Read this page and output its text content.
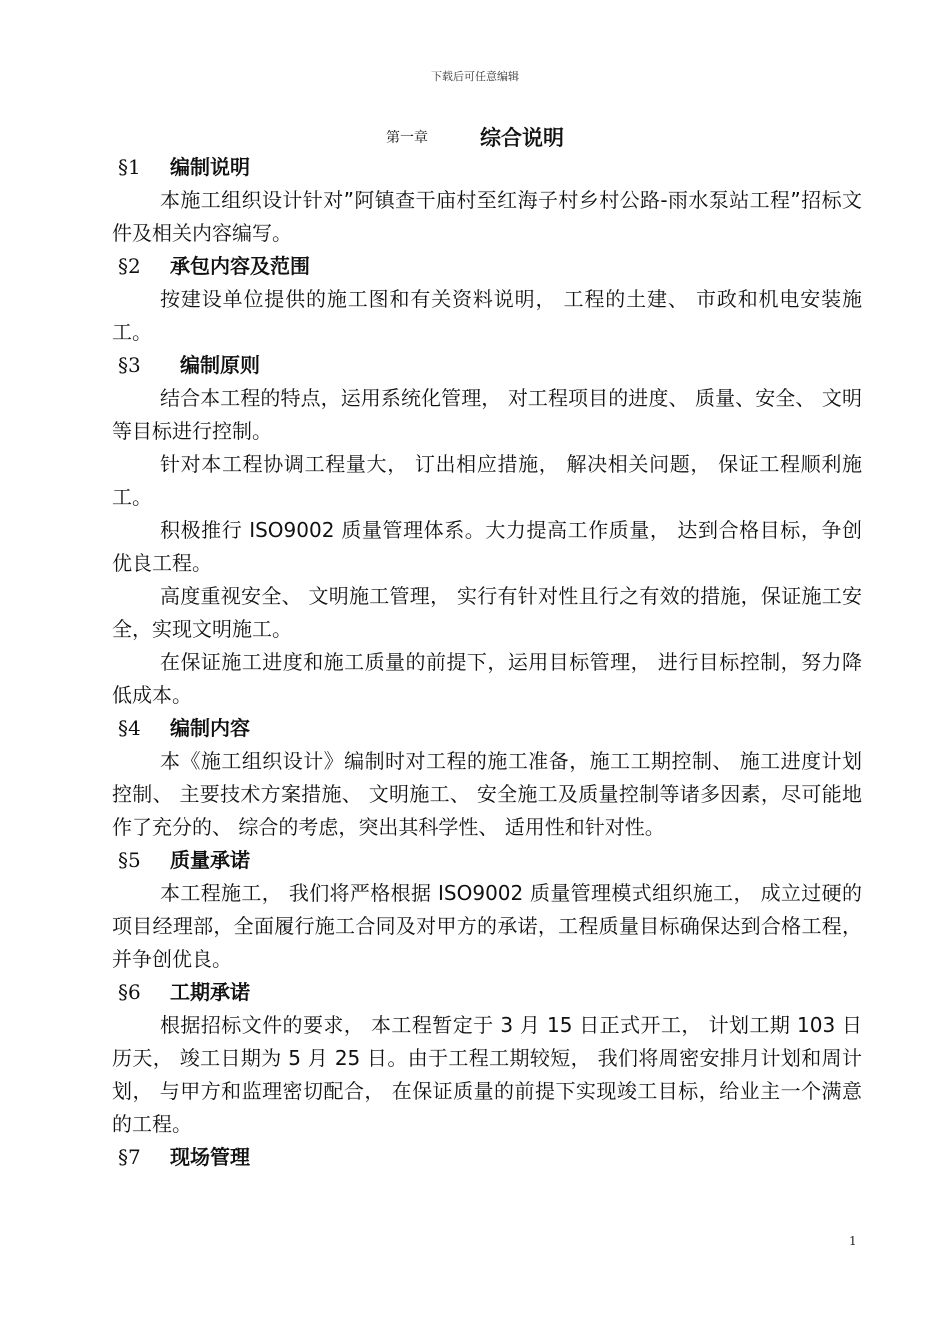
下载后可任意编辑
第一章 综合说明
§1 编制说明

本施工组织设计针对”阿镇查干庙村至红海子村乡村公路-雨水泵站工程”招标文件及相关内容编写。

§2 承包内容及范围

按建设单位提供的施工图和有关资料说明， 工程的土建、 市政和机电安装施工。

§3 编制原则

结合本工程的特点，运用系统化管理， 对工程项目的进度、 质量、安全、 文明等目标进行控制。

针对本工程协调工程量大， 订出相应措施， 解决相关问题， 保证工程顺利施工。

积极推行 ISO9002 质量管理体系。大力提高工作质量， 达到合格目标，争创优良工程。

高度重视安全、 文明施工管理， 实行有针对性且行之有效的措施，保证施工安全，实现文明施工。

在保证施工进度和施工质量的前提下，运用目标管理， 进行目标控制，努力降低成本。

§4 编制内容

本《施工组织设计》编制时对工程的施工准备，施工工期控制、 施工进度计划控制、 主要技术方案措施、 文明施工、 安全施工及质量控制等诸多因素，尽可能地作了充分的、 综合的考虑，突出其科学性、 适用性和针对性。

§5 质量承诺

本工程施工， 我们将严格根据 ISO9002 质量管理模式组织施工， 成立过硬的项目经理部，全面履行施工合同及对甲方的承诺，工程质量目标确保达到合格工程， 并争创优良。

§6 工期承诺

根据招标文件的要求， 本工程暂定于 3 月 15 日正式开工， 计划工期 103 日历天， 竣工日期为 5 月 25 日。由于工程工期较短， 我们将周密安排月计划和周计划， 与甲方和监理密切配合， 在保证质量的前提下实现竣工目标，给业主一个满意的工程。

§7 现场管理
1
